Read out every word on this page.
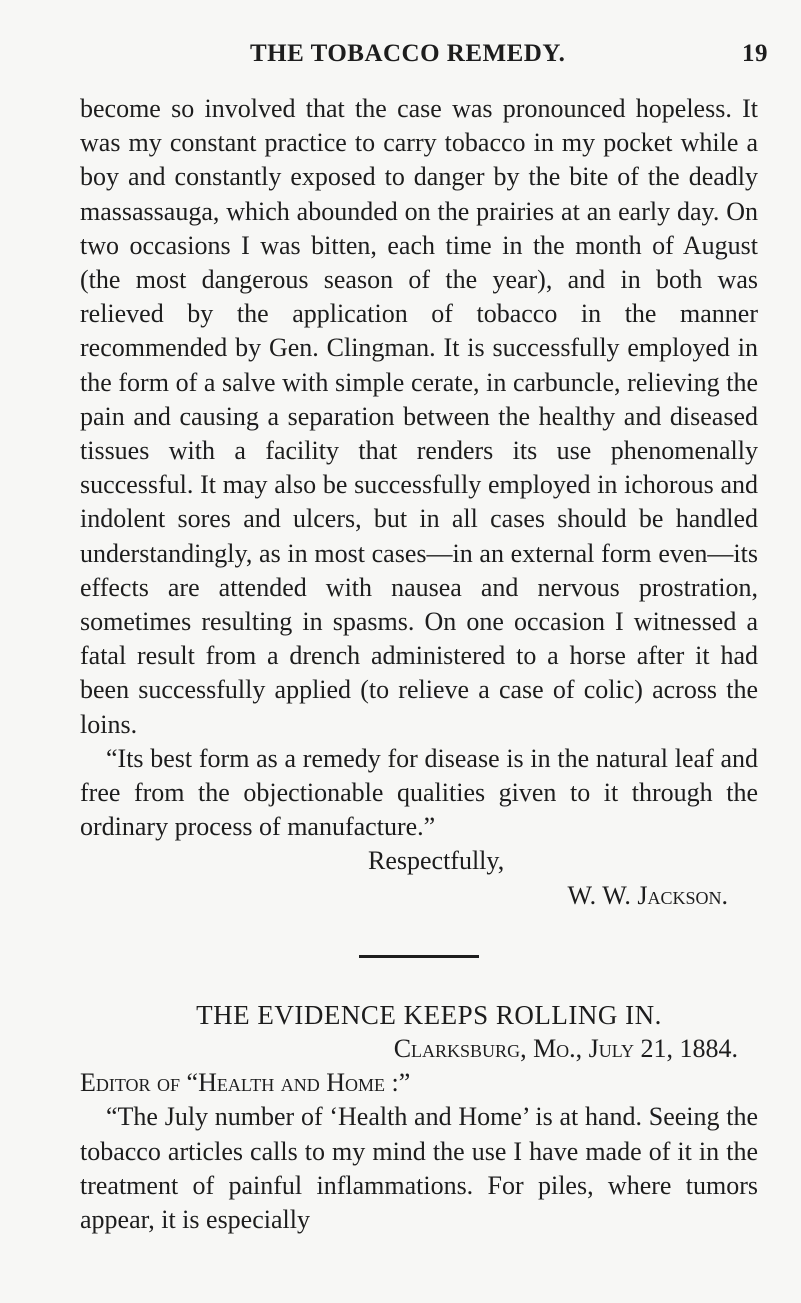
THE TOBACCO REMEDY.	19

become so involved that the case was pronounced hopeless. It was my constant practice to carry tobacco in my pocket while a boy and constantly exposed to danger by the bite of the deadly massassauga, which abounded on the prairies at an early day. On two occasions I was bitten, each time in the month of August (the most dangerous season of the year), and in both was relieved by the application of tobacco in the manner recommended by Gen. Clingman. It is successfully employed in the form of a salve with simple cerate, in carbuncle, relieving the pain and causing a separation between the healthy and diseased tissues with a facility that renders its use phenomenally successful. It may also be successfully employed in ichorous and indolent sores and ulcers, but in all cases should be handled understandingly, as in most cases—in an external form even—its effects are attended with nausea and nervous prostration, sometimes resulting in spasms. On one occasion I witnessed a fatal result from a drench administered to a horse after it had been successfully applied (to relieve a case of colic) across the loins.

“Its best form as a remedy for disease is in the natural leaf and free from the objectionable qualities given to it through the ordinary process of manufacture.”

Respectfully,

W. W. Jackson.

THE EVIDENCE KEEPS ROLLING IN.

Clarksburg, Mo., July 21, 1884.

Editor of “Health and Home :”

“The July number of ‘Health and Home’ is at hand. Seeing the tobacco articles calls to my mind the use I have made of it in the treatment of painful inflammations. For piles, where tumors appear, it is especially
